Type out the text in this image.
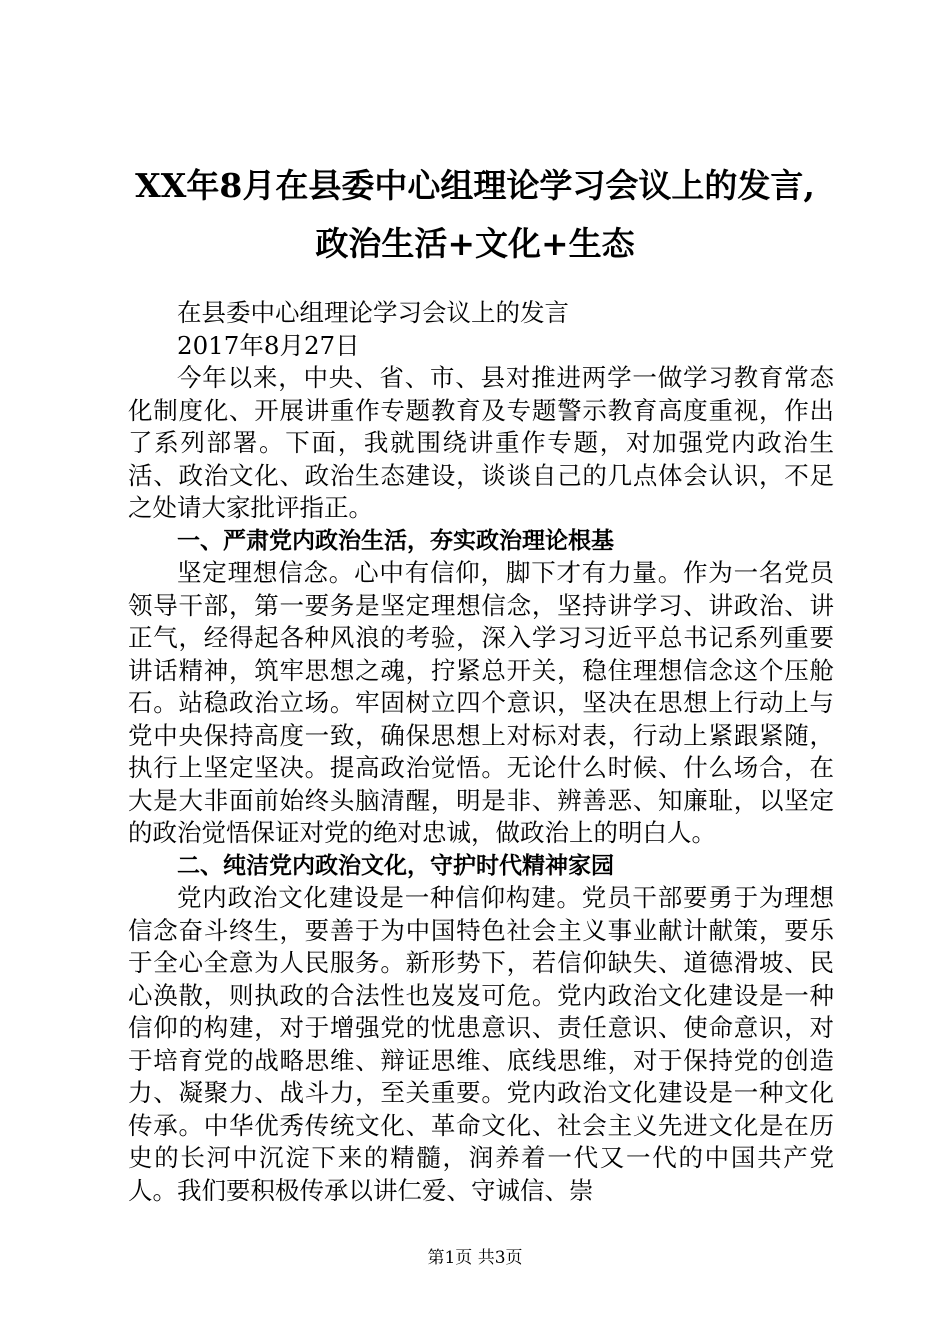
XX年8月在县委中心组理论学习会议上的发言,
政治生活+文化+生态

在县委中心组理论学习会议上的发言

2017年8月27日

今年以来，中央、省、市、县对推进两学一做学习教育常态化制度化、开展讲重作专题教育及专题警示教育高度重视，作出了系列部署。下面，我就围绕讲重作专题，对加强党内政治生活、政治文化、政治生态建设，谈谈自己的几点体会认识，不足之处请大家批评指正。

一、严肃党内政治生活，夯实政治理论根基

坚定理想信念。心中有信仰，脚下才有力量。作为一名党员领导干部，第一要务是坚定理想信念，坚持讲学习、讲政治、讲正气，经得起各种风浪的考验，深入学习习近平总书记系列重要讲话精神，筑牢思想之魂，拧紧总开关，稳住理想信念这个压舱石。站稳政治立场。牢固树立四个意识，坚决在思想上行动上与党中央保持高度一致，确保思想上对标对表，行动上紧跟紧随，执行上坚定坚决。提高政治觉悟。无论什么时候、什么场合，在大是大非面前始终头脑清醒，明是非、辨善恶、知廉耻，以坚定的政治觉悟保证对党的绝对忠诚，做政治上的明白人。

二、纯洁党内政治文化，守护时代精神家园

党内政治文化建设是一种信仰构建。党员干部要勇于为理想信念奋斗终生，要善于为中国特色社会主义事业献计献策，要乐于全心全意为人民服务。新形势下，若信仰缺失、道德滑坡、民心涣散，则执政的合法性也岌岌可危。党内政治文化建设是一种信仰的构建，对于增强党的忧患意识、责任意识、使命意识，对于培育党的战略思维、辩证思维、底线思维，对于保持党的创造力、凝聚力、战斗力，至关重要。党内政治文化建设是一种文化传承。中华优秀传统文化、革命文化、社会主义先进文化是在历史的长河中沉淀下来的精髓，润养着一代又一代的中国共产党人。我们要积极传承以讲仁爱、守诚信、崇

第1页 共3页
